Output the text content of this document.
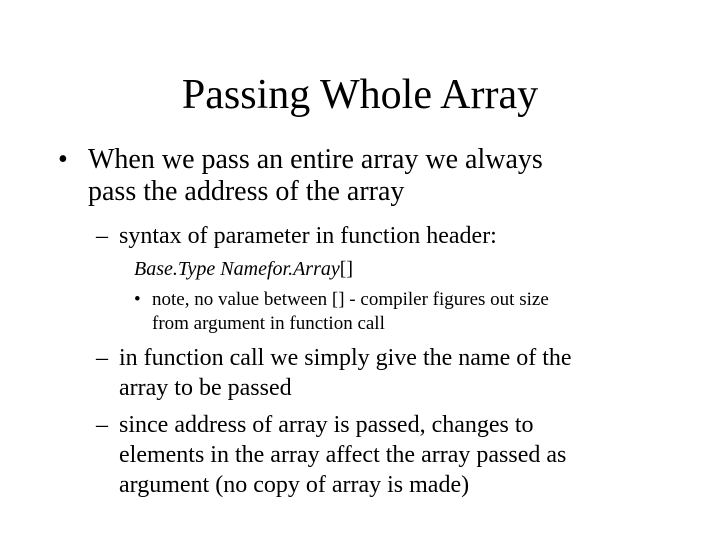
Passing Whole Array
• When we pass an entire array we always
pass the address of the array
– syntax of parameter in function header:
Base.Type Namefor.Array[]
• note, no value between [] - compiler figures out size
from argument in function call
– in function call we simply give the name of the
array to be passed
– since address of array is passed, changes to
elements in the array affect the array passed as
argument (no copy of array is made)
